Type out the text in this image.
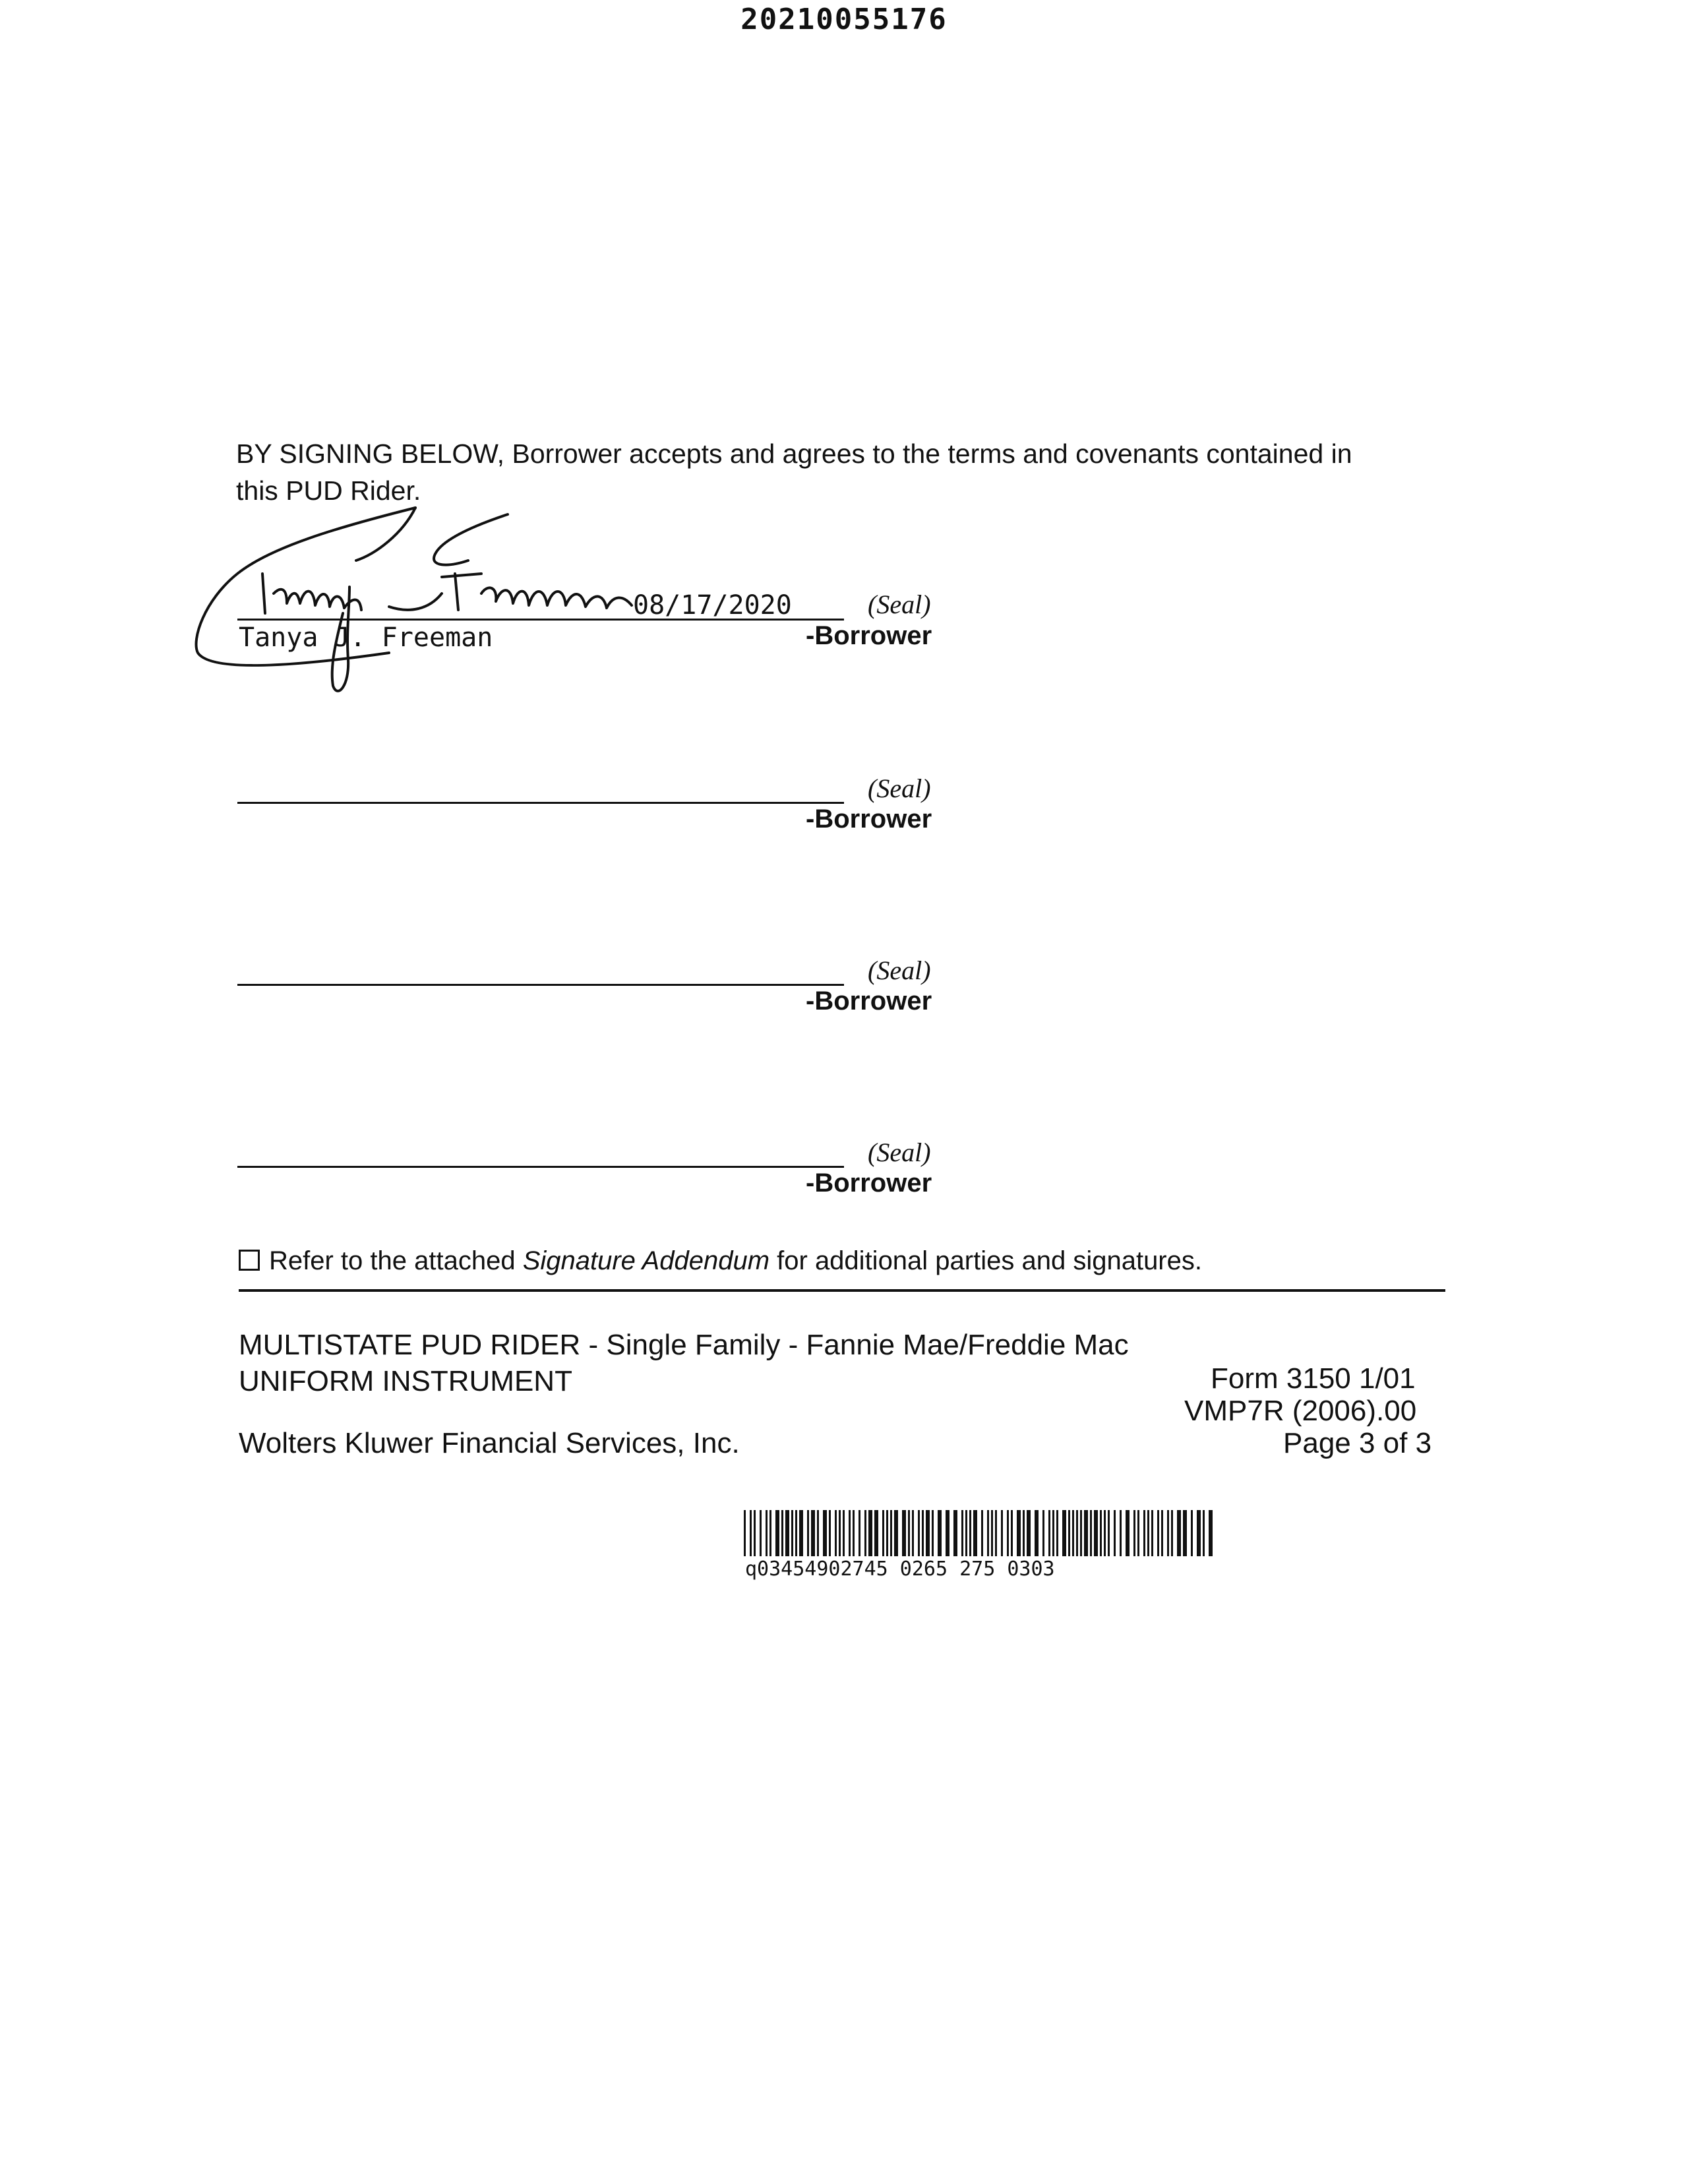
20210055176
BY SIGNING BELOW, Borrower accepts and agrees to the terms and covenants contained in
this PUD Rider.
08/17/2020	(Seal)
Tanya J. Freeman	-Borrower
(Seal)
-Borrower
(Seal)
-Borrower
(Seal)
-Borrower
Refer to the attached Signature Addendum for additional parties and signatures.
MULTISTATE PUD RIDER - Single Family - Fannie Mae/Freddie Mac
UNIFORM INSTRUMENT	Form 3150 1/01
VMP7R (2006).00
Wolters Kluwer Financial Services, Inc.	Page 3 of 3
q03454902745 0265 275 0303
